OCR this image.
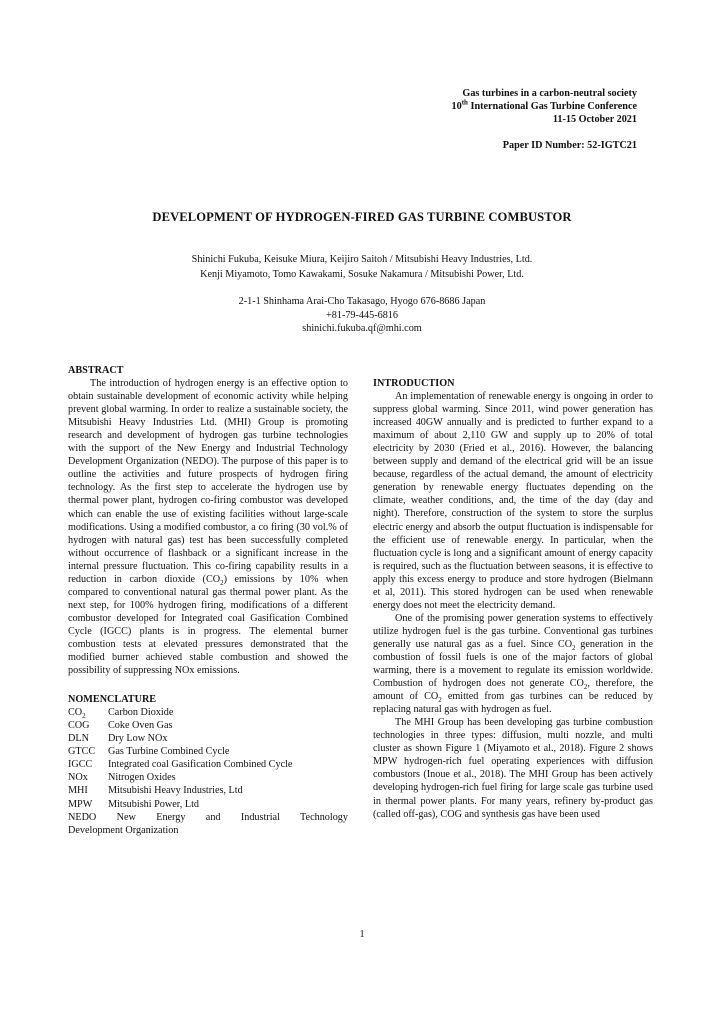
Gas turbines in a carbon-neutral society
10th International Gas Turbine Conference
11-15 October 2021
Paper ID Number: 52-IGTC21
DEVELOPMENT OF HYDROGEN-FIRED GAS TURBINE COMBUSTOR
Shinichi Fukuba, Keisuke Miura, Keijiro Saitoh / Mitsubishi Heavy Industries, Ltd.
Kenji Miyamoto, Tomo Kawakami, Sosuke Nakamura / Mitsubishi Power, Ltd.
2-1-1 Shinhama Arai-Cho Takasago, Hyogo 676-8686 Japan
+81-79-445-6816
shinichi.fukuba.qf@mhi.com
ABSTRACT

The introduction of hydrogen energy is an effective option to obtain sustainable development of economic activity while helping prevent global warming. In order to realize a sustainable society, the Mitsubishi Heavy Industries Ltd. (MHI) Group is promoting research and development of hydrogen gas turbine technologies with the support of the New Energy and Industrial Technology Development Organization (NEDO). The purpose of this paper is to outline the activities and future prospects of hydrogen firing technology. As the first step to accelerate the hydrogen use by thermal power plant, hydrogen co-firing combustor was developed which can enable the use of existing facilities without large-scale modifications. Using a modified combustor, a co firing (30 vol.% of hydrogen with natural gas) test has been successfully completed without occurrence of flashback or a significant increase in the internal pressure fluctuation. This co-firing capability results in a reduction in carbon dioxide $(CO_2)$ emissions by 10% when compared to conventional natural gas thermal power plant. As the next step, for 100% hydrogen firing, modifications of a different combustor developed for Integrated coal Gasification Combined Cycle (IGCC) plants is in progress. The elemental burner combustion tests at elevated pressures demonstrated that the modified burner achieved stable combustion and showed the possibility of suppressing NOx emissions.

NOMENCLATURE
$CO_2$	Carbon Dioxide
COG	Coke Oven Gas
DLN	Dry Low NOx
GTCC	Gas Turbine Combined Cycle
IGCC	Integrated coal Gasification Combined Cycle
NOx	Nitrogen Oxides
MHI	Mitsubishi Heavy Industries, Ltd
MPW	Mitsubishi Power, Ltd
NEDO New Energy and Industrial Technology
Development Organization
INTRODUCTION

An implementation of renewable energy is ongoing in order to suppress global warming. Since 2011, wind power generation has increased 40GW annually and is predicted to further expand to a maximum of about 2,110 GW and supply up to 20% of total electricity by 2030 (Fried et al., 2016). However, the balancing between supply and demand of the electrical grid will be an issue because, regardless of the actual demand, the amount of electricity generation by renewable energy fluctuates depending on the climate, weather conditions, and, the time of the day (day and night). Therefore, construction of the system to store the surplus electric energy and absorb the output fluctuation is indispensable for the efficient use of renewable energy. In particular, when the fluctuation cycle is long and a significant amount of energy capacity is required, such as the fluctuation between seasons, it is effective to apply this excess energy to produce and store hydrogen (Bielmann et al, 2011). This stored hydrogen can be used when renewable energy does not meet the electricity demand.

One of the promising power generation systems to effectively utilize hydrogen fuel is the gas turbine. Conventional gas turbines generally use natural gas as a fuel. Since $CO_2$ generation in the combustion of fossil fuels is one of the major factors of global warming, there is a movement to regulate its emission worldwide. Combustion of hydrogen does not generate $CO_2$, therefore, the amount of $CO_2$ emitted from gas turbines can be reduced by replacing natural gas with hydrogen as fuel.

The MHI Group has been developing gas turbine combustion technologies in three types: diffusion, multi nozzle, and multi cluster as shown Figure 1 (Miyamoto et al., 2018). Figure 2 shows MPW hydrogen-rich fuel operating experiences with diffusion combustors (Inoue et al., 2018). The MHI Group has been actively developing hydrogen-rich fuel firing for large scale gas turbine used in thermal power plants. For many years, refinery by-product gas (called off-gas), COG and synthesis gas have been used

1
